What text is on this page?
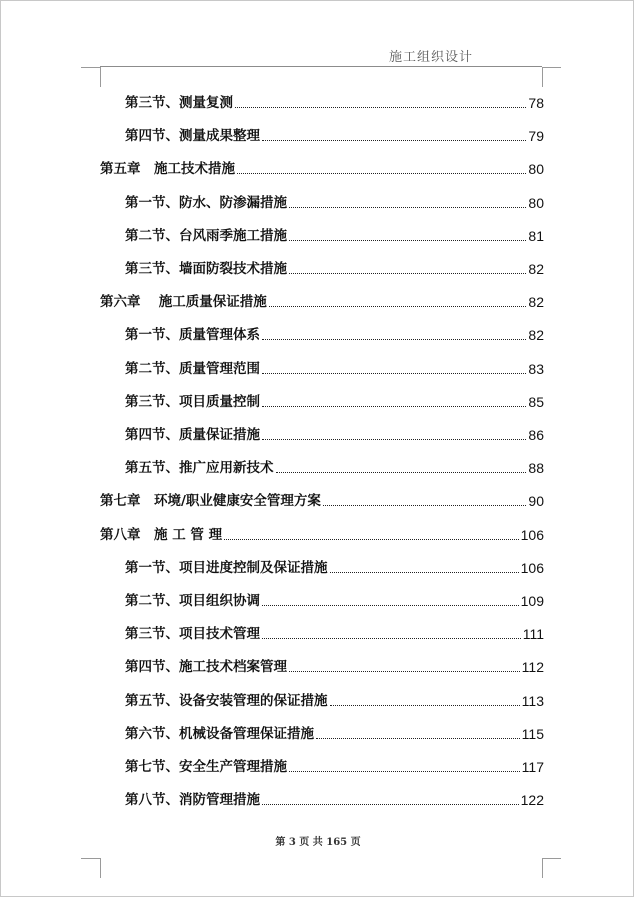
施工组织设计
第三节、测量复测	78
第四节、测量成果整理	79
第五章　施工技术措施	80
第一节、防水、防渗漏措施	80
第二节、台风雨季施工措施	81
第三节、墙面防裂技术措施	82
第六章　 施工质量保证措施	82
第一节、质量管理体系	82
第二节、质量管理范围	83
第三节、项目质量控制	85
第四节、质量保证措施	86
第五节、推广应用新技术	88
第七章　环境/职业健康安全管理方案	90
第八章　施 工 管 理	106
第一节、项目进度控制及保证措施	106
第二节、项目组织协调	109
第三节、项目技术管理	111
第四节、施工技术档案管理	112
第五节、设备安装管理的保证措施	113
第六节、机械设备管理保证措施	115
第七节、安全生产管理措施	117
第八节、消防管理措施	122
第 3 页 共 165 页
